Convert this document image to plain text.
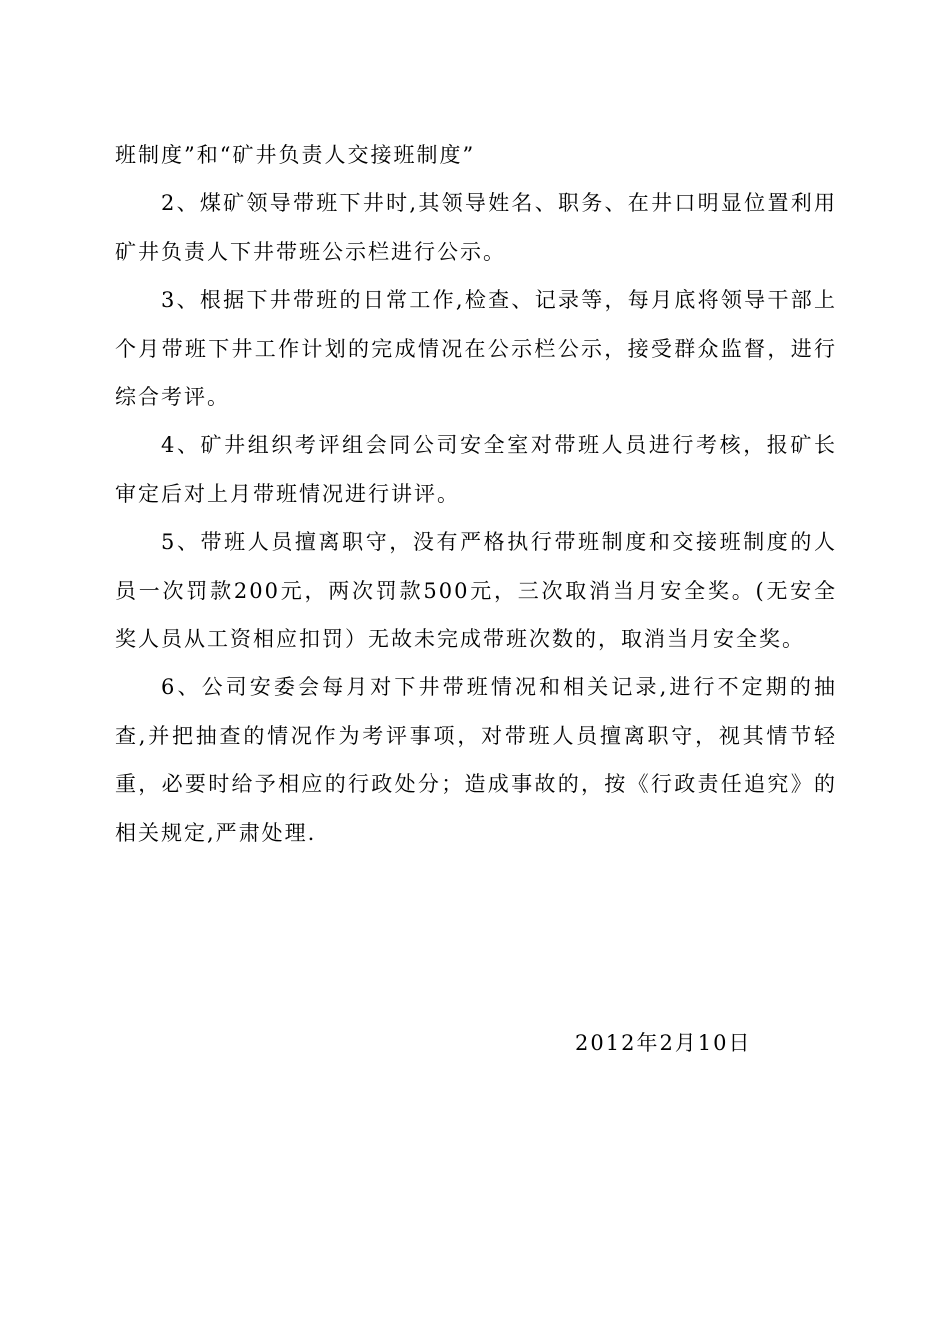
班制度”和“矿井负责人交接班制度”

2、煤矿领导带班下井时,其领导姓名、职务、在井口明显位置利用矿井负责人下井带班公示栏进行公示。

3、根据下井带班的日常工作,检查、记录等，每月底将领导干部上个月带班下井工作计划的完成情况在公示栏公示，接受群众监督，进行综合考评。

4、矿井组织考评组会同公司安全室对带班人员进行考核，报矿长审定后对上月带班情况进行讲评。

5、带班人员擅离职守，没有严格执行带班制度和交接班制度的人员一次罚款200元，两次罚款500元，三次取消当月安全奖。(无安全奖人员从工资相应扣罚）无故未完成带班次数的，取消当月安全奖。

6、公司安委会每月对下井带班情况和相关记录,进行不定期的抽查,并把抽查的情况作为考评事项，对带班人员擅离职守，视其情节轻重，必要时给予相应的行政处分；造成事故的，按《行政责任追究》的相关规定,严肃处理.

2012年2月10日
